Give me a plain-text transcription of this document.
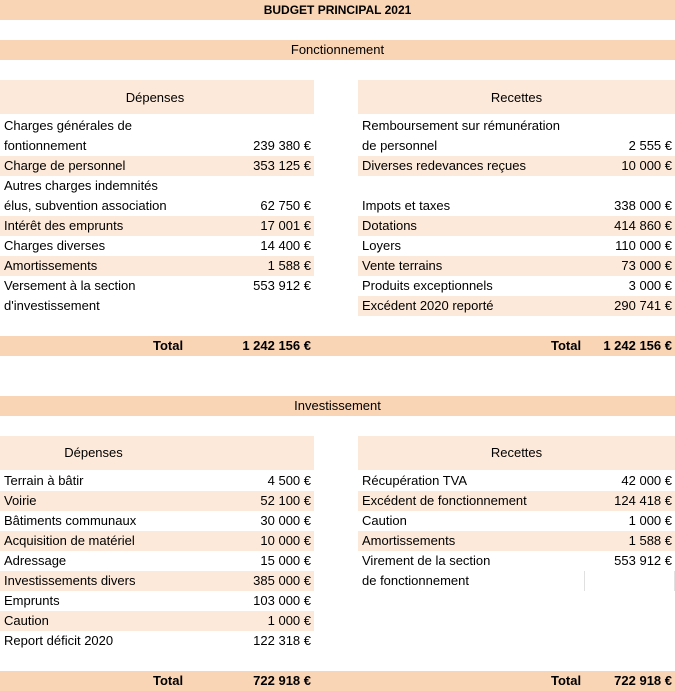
BUDGET PRINCIPAL 2021
Fonctionnement
Dépenses	Recettes
Charges générales de
fontionnement	239 380 €
Charge de personnel	353 125 €
Autres charges indemnités
élus, subvention association	62 750 €
Intérêt des emprunts	17 001 €
Charges diverses	14 400 €
Amortissements	1 588 €
Versement à la section
d'investissement
553 912 €
Remboursement sur rémunération
de personnel	2 555 €
Diverses redevances reçues	10 000 €
Impots et taxes	338 000 €
Dotations	414 860 €
Loyers	110 000 €
Vente terrains	73 000 €
Produits exceptionnels	3 000 €
Excédent 2020 reporté	290 741 €
Total	1 242 156 €	Total	1 242 156 €
Investissement
Dépenses	Recettes
Terrain à bâtir	4 500 €
Voirie	52 100 €
Bâtiments communaux	30 000 €
Acquisition de matériel	10 000 €
Adressage	15 000 €
Investissements divers	385 000 €
Emprunts	103 000 €
Caution	1 000 €
Report déficit 2020	122 318 €
Récupération TVA	42 000 €
Excédent de fonctionnement	124 418 €
Caution	1 000 €
Amortissements	1 588 €
Virement de la section
de fonctionnement
553 912 €
Total	722 918 €	Total	722 918 €
